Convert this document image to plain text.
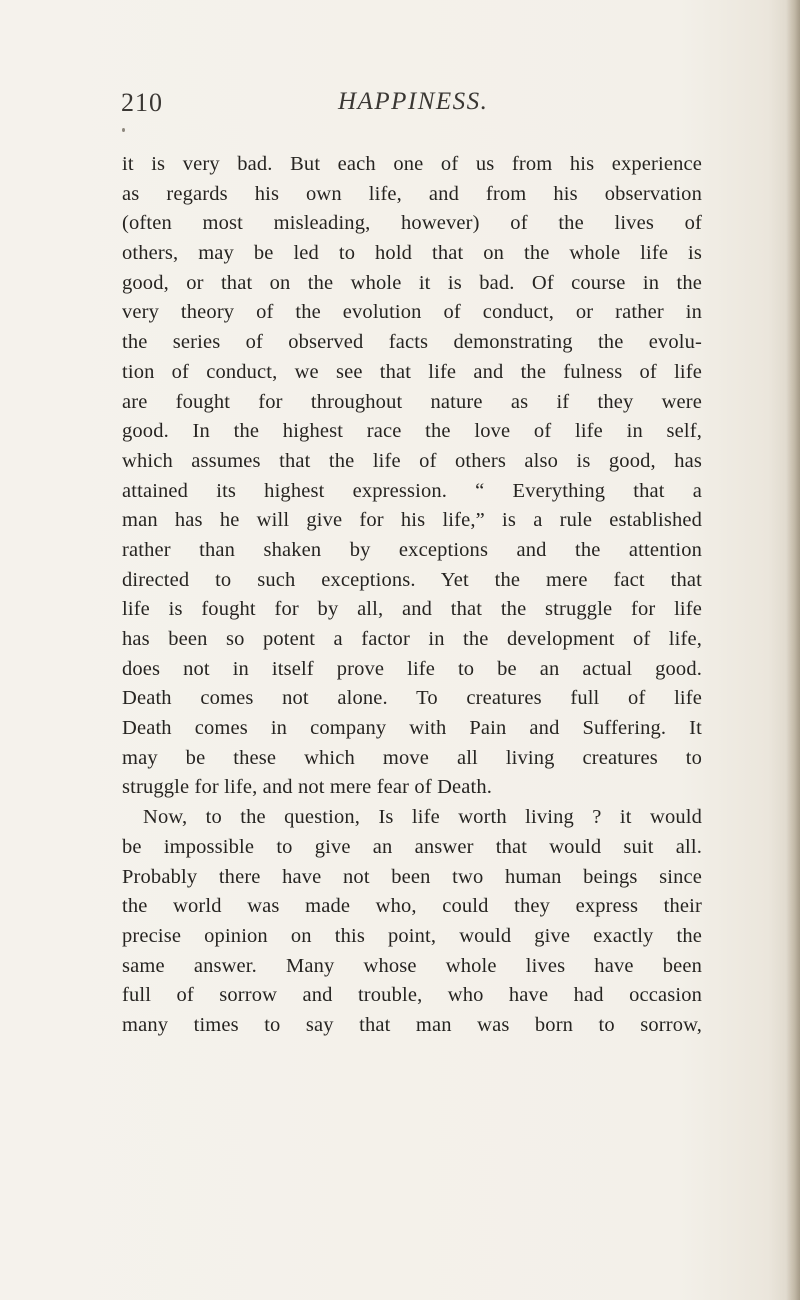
210	HAPPINESS.
it is very bad. But each one of us from his experience
as regards his own life, and from his observation
(often most misleading, however) of the lives of
others, may be led to hold that on the whole life is
good, or that on the whole it is bad. Of course in the
very theory of the evolution of conduct, or rather in
the series of observed facts demonstrating the evolu-
tion of conduct, we see that life and the fulness of life
are fought for throughout nature as if they were
good. In the highest race the love of life in self,
which assumes that the life of others also is good, has
attained its highest expression. “ Everything that a
man has he will give for his life,” is a rule established
rather than shaken by exceptions and the attention
directed to such exceptions. Yet the mere fact that
life is fought for by all, and that the struggle for life
has been so potent a factor in the development of life,
does not in itself prove life to be an actual good.
Death comes not alone. To creatures full of life
Death comes in company with Pain and Suffering. It
may be these which move all living creatures to
struggle for life, and not mere fear of Death.
Now, to the question, Is life worth living ? it would
be impossible to give an answer that would suit all.
Probably there have not been two human beings since
the world was made who, could they express their
precise opinion on this point, would give exactly the
same answer. Many whose whole lives have been
full of sorrow and trouble, who have had occasion
many times to say that man was born to sorrow,
